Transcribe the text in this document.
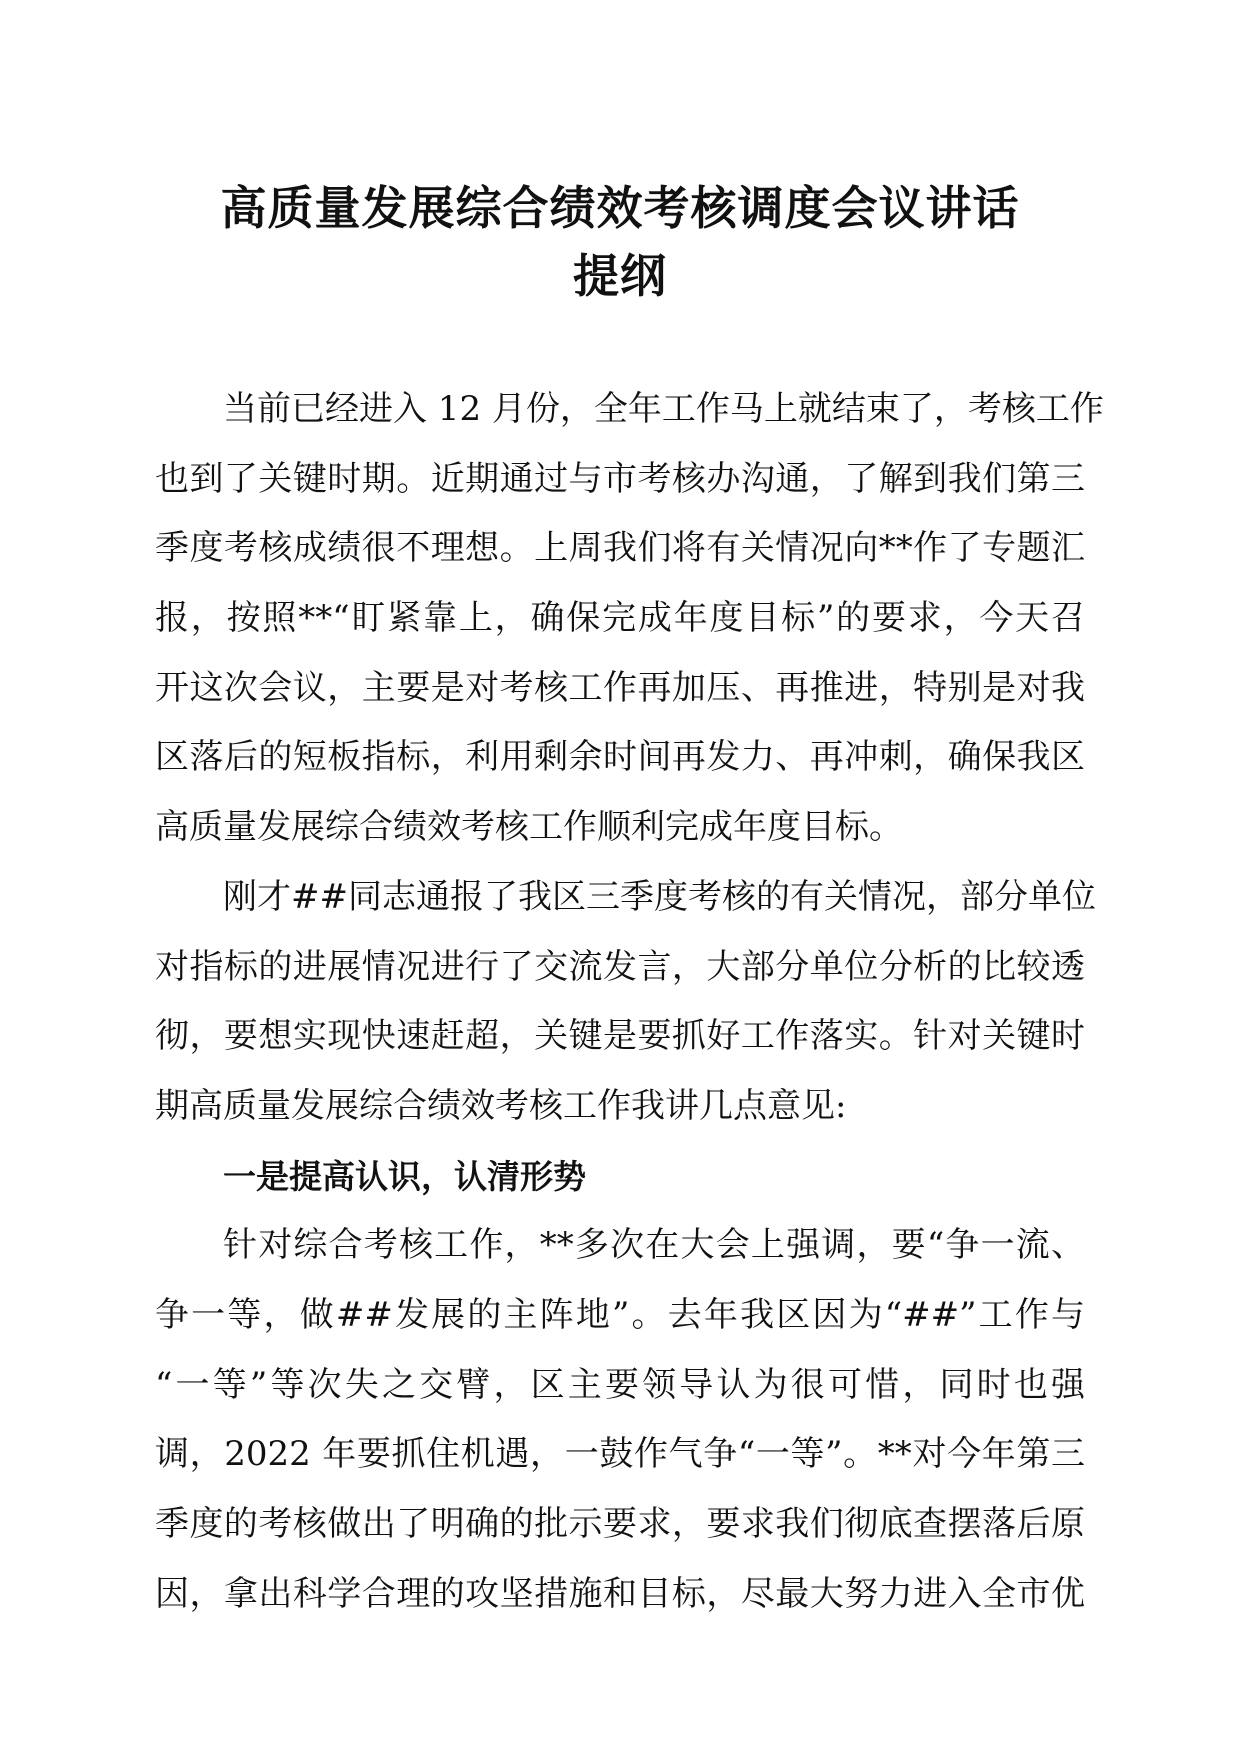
高质量发展综合绩效考核调度会议讲话
提纲
当前已经进入 12 月份，全年工作马上就结束了，考核工作
也到了关键时期。近期通过与市考核办沟通，了解到我们第三
季度考核成绩很不理想。上周我们将有关情况向**作了专题汇
报，按照**“盯紧靠上，确保完成年度目标”的要求，今天召
开这次会议，主要是对考核工作再加压、再推进，特别是对我
区落后的短板指标，利用剩余时间再发力、再冲刺，确保我区
高质量发展综合绩效考核工作顺利完成年度目标。
刚才##同志通报了我区三季度考核的有关情况，部分单位
对指标的进展情况进行了交流发言，大部分单位分析的比较透
彻，要想实现快速赶超，关键是要抓好工作落实。针对关键时
期高质量发展综合绩效考核工作我讲几点意见:
一是提高认识，认清形势
针对综合考核工作，**多次在大会上强调，要“争一流、
争一等，做##发展的主阵地”。去年我区因为“##”工作与
“一等”等次失之交臂，区主要领导认为很可惜，同时也强
调，2022 年要抓住机遇，一鼓作气争“一等”。**对今年第三
季度的考核做出了明确的批示要求，要求我们彻底查摆落后原
因，拿出科学合理的攻坚措施和目标，尽最大努力进入全市优
